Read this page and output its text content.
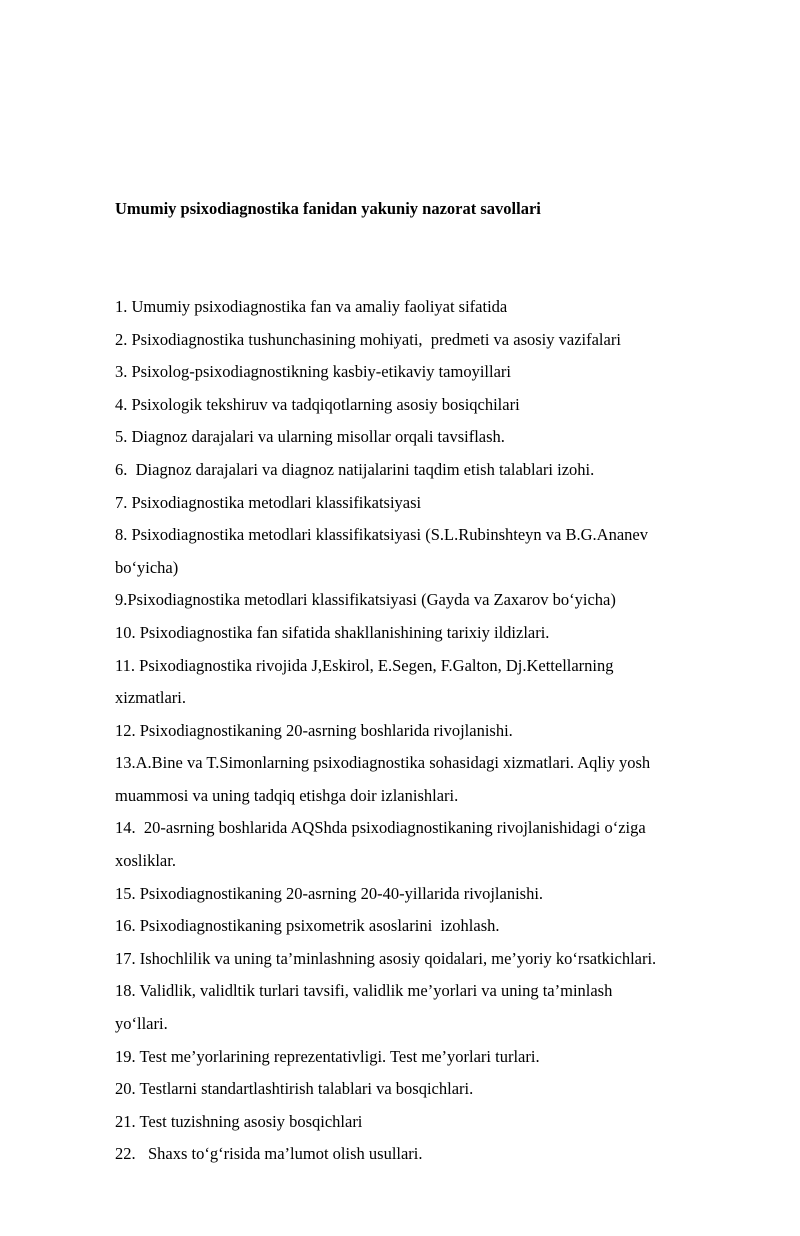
Umumiy psixodiagnostika fanidan yakuniy nazorat savollari

1. Umumiy psixodiagnostika fan va amaliy faoliyat sifatida

2. Psixodiagnostika tushunchasining mohiyati,  predmeti va asosiy vazifalari

3. Psixolog-psixodiagnostikning kasbiy-etikaviy tamoyillari

4. Psixologik tekshiruv va tadqiqotlarning asosiy bosiqchilari

5. Diagnoz darajalari va ularning misollar orqali tavsiflash.

6.  Diagnoz darajalari va diagnoz natijalarini taqdim etish talablari izohi.

7. Psixodiagnostika metodlari klassifikatsiyasi

8. Psixodiagnostika metodlari klassifikatsiyasi (S.L.Rubinshteyn va B.G.Ananev

bo‘yicha)

9.Psixodiagnostika metodlari klassifikatsiyasi (Gayda va Zaxarov bo‘yicha)

10. Psixodiagnostika fan sifatida shakllanishining tarixiy ildizlari.

11. Psixodiagnostika rivojida J,Eskirol, E.Segen, F.Galton, Dj.Kettellarning

xizmatlari.

12. Psixodiagnostikaning 20-asrning boshlarida rivojlanishi.

13.A.Bine va T.Simonlarning psixodiagnostika sohasidagi xizmatlari. Aqliy yosh

muammosi va uning tadqiq etishga doir izlanishlari.

14.  20-asrning boshlarida AQShda psixodiagnostikaning rivojlanishidagi o‘ziga

xosliklar.

15. Psixodiagnostikaning 20-asrning 20-40-yillarida rivojlanishi.

16. Psixodiagnostikaning psixometrik asoslarini  izohlash.

17. Ishochlilik va uning ta’minlashning asosiy qoidalari, me’yoriy ko‘rsatkichlari.

18. Validlik, validltik turlari tavsifi, validlik me’yorlari va uning ta’minlash

yo‘llari.

19. Test me’yorlarining reprezentativligi. Test me’yorlari turlari.

20. Testlarni standartlashtirish talablari va bosqichlari.

21. Test tuzishning asosiy bosqichlari

22.   Shaxs to‘g‘risida ma’lumot olish usullari.
